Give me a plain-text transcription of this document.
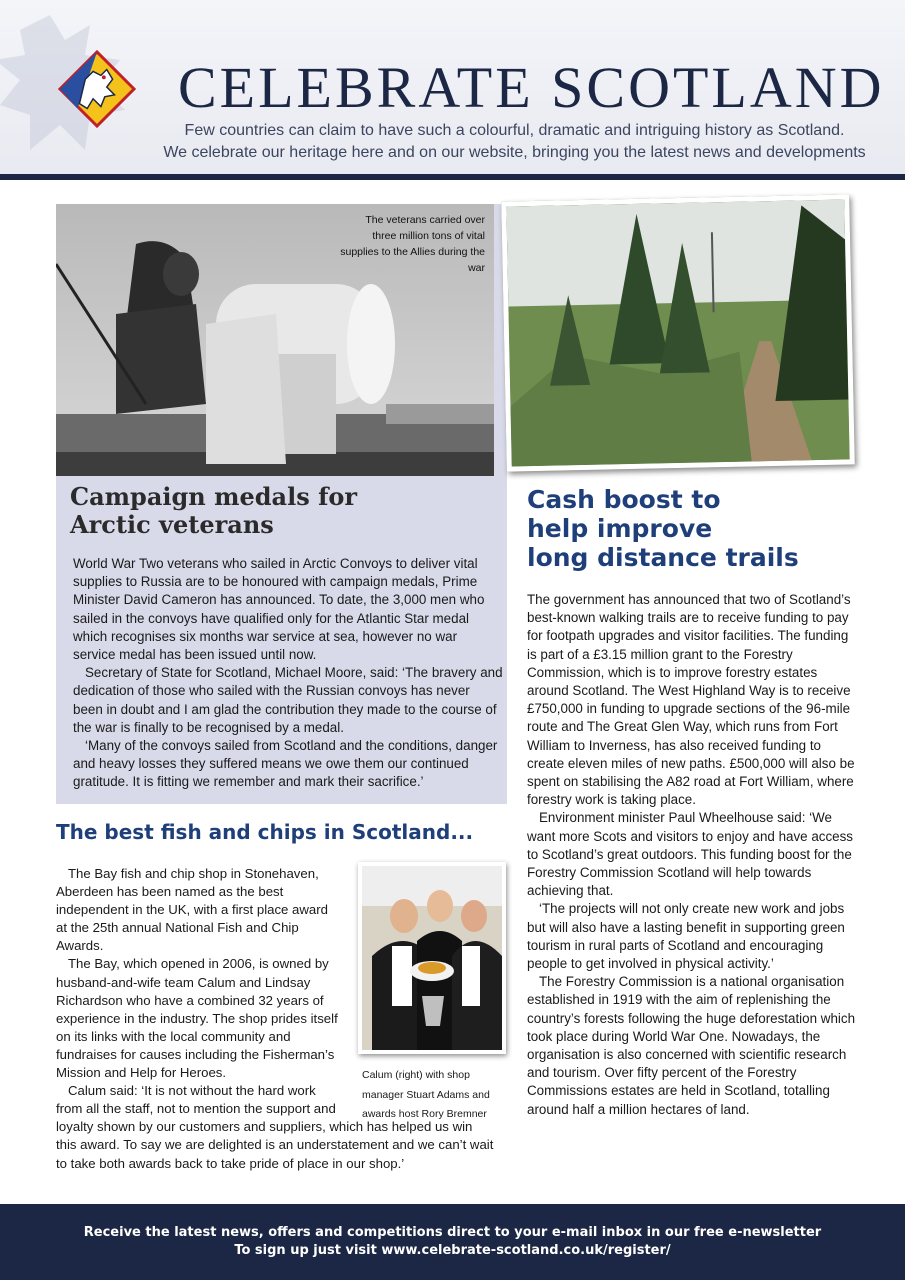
CELEBRATE SCOTLAND
Few countries can claim to have such a colourful, dramatic and intriguing history as Scotland.
We celebrate our heritage here and on our website, bringing you the latest news and developments
The veterans carried over three million tons of vital supplies to the Allies during the war
Campaign medals for
Arctic veterans

World War Two veterans who sailed in Arctic Convoys to deliver vital supplies to Russia are to be honoured with campaign medals, Prime Minister David Cameron has announced. To date, the 3,000 men who sailed in the convoys have qualified only for the Atlantic Star medal which recognises six months war service at sea, however no war service medal has been issued until now.

Secretary of State for Scotland, Michael Moore, said: ‘The bravery and dedication of those who sailed with the Russian convoys has never been in doubt and I am glad the contribution they made to the course of the war is finally to be recognised by a medal.

‘Many of the convoys sailed from Scotland and the conditions, danger and heavy losses they suffered means we owe them our continued gratitude. It is fitting we remember and mark their sacrifice.’

Cash boost to
help improve
long distance trails

The government has announced that two of Scotland’s best-known walking trails are to receive funding to pay for footpath upgrades and visitor facilities. The funding is part of a £3.15 million grant to the Forestry Commission, which is to improve forestry estates around Scotland. The West Highland Way is to receive £750,000 in funding to upgrade sections of the 96-mile route and The Great Glen Way, which runs from Fort William to Inverness, has also received funding to create eleven miles of new paths. £500,000 will also be spent on stabilising the A82 road at Fort William, where forestry work is taking place.

Environment minister Paul Wheelhouse said: ‘We want more Scots and visitors to enjoy and have access to Scotland’s great outdoors. This funding boost for the Forestry Commission Scotland will help towards achieving that.

‘The projects will not only create new work and jobs but will also have a lasting benefit in supporting green tourism in rural parts of Scotland and encouraging people to get involved in physical activity.’

The Forestry Commission is a national organisation established in 1919 with the aim of replenishing the country’s forests following the huge deforestation which took place during World War One. Nowadays, the organisation is also concerned with scientific research and tourism. Over fifty percent of the Forestry Commissions estates are held in Scotland, totalling around half a million hectares of land.

The best fish and chips in Scotland...
Calum (right) with shop manager Stuart Adams and awards host Rory Bremner

The Bay fish and chip shop in Stonehaven, Aberdeen has been named as the best independent in the UK, with a first place award at the 25th annual National Fish and Chip Awards.

The Bay, which opened in 2006, is owned by husband-and-wife team Calum and Lindsay Richardson who have a combined 32 years of experience in the industry. The shop prides itself on its links with the local community and fundraises for causes including the Fisherman’s Mission and Help for Heroes.

Calum said: ‘It is not without the hard work from all the staff, not to mention the support and loyalty shown by our customers and suppliers, which has helped us win this award. To say we are delighted is an understatement and we can’t wait to take both awards back to take pride of place in our shop.’

Receive the latest news, offers and competitions direct to your e-mail inbox in our free e-newsletter
To sign up just visit www.celebrate-scotland.co.uk/register/
